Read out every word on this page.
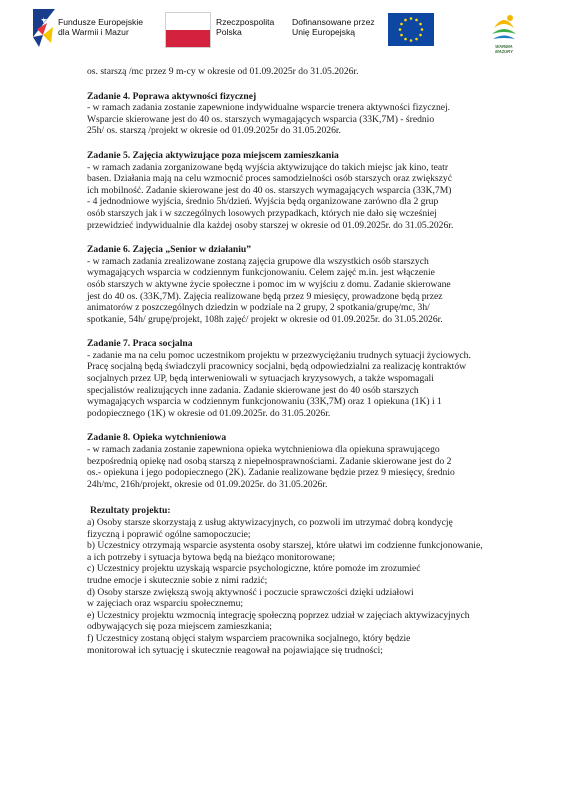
Fundusze Europejskie
dla Warmii i Mazur
Rzeczpospolita
Polska
Dofinansowane przez
Unię Europejską
WARMIA
MAZURY

os. starszą /mc przez 9 m-cy w okresie od 01.09.2025r do 31.05.2026r.

Zadanie 4. Poprawa aktywności fizycznej

- w ramach zadania zostanie zapewnione indywidualne wsparcie trenera aktywności fizycznej.

Wsparcie skierowane jest do 40 os. starszych wymagających wsparcia (33K,7M) - średnio

25h/ os. starszą /projekt w okresie od 01.09.2025r do 31.05.2026r.

Zadanie 5. Zajęcia aktywizujące poza miejscem zamieszkania

- w ramach zadania zorganizowane będą wyjścia aktywizujące do takich miejsc jak kino, teatr

basen. Działania mają na celu wzmocnić proces samodzielności osób starszych oraz zwiększyć

ich mobilność. Zadanie skierowane jest do 40 os. starszych wymagających wsparcia (33K,7M)

- 4 jednodniowe wyjścia, średnio 5h/dzień. Wyjścia będą organizowane zarówno dla 2 grup

osób starszych jak i w szczególnych losowych przypadkach, których nie dało się wcześniej

przewidzieć indywidualnie dla każdej osoby starszej w okresie od 01.09.2025r. do 31.05.2026r.

Zadanie 6. Zajęcia „Senior w działaniu”

- w ramach zadania zrealizowane zostaną zajęcia grupowe dla wszystkich osób starszych

wymagających wsparcia w codziennym funkcjonowaniu. Celem zajęć m.in. jest włączenie

osób starszych w aktywne życie społeczne i pomoc im w wyjściu z domu. Zadanie skierowane

jest do 40 os. (33K,7M). Zajęcia realizowane będą przez 9 miesięcy, prowadzone będą przez

animatorów z poszczególnych dziedzin w podziale na 2 grupy, 2 spotkania/grupę/mc, 3h/

spotkanie, 54h/ grupę/projekt, 108h zajęć/ projekt w okresie od 01.09.2025r. do 31.05.2026r.

Zadanie 7. Praca socjalna

- zadanie ma na celu pomoc uczestnikom projektu w przezwyciężaniu trudnych sytuacji życiowych.

Pracę socjalną będą świadczyli pracownicy socjalni, będą odpowiedzialni za realizację kontraktów

socjalnych przez UP, będą interweniowali w sytuacjach kryzysowych, a także wspomagali

specjalistów realizujących inne zadania. Zadanie skierowane jest do 40 osób starszych

wymagających wsparcia w codziennym funkcjonowaniu (33K,7M) oraz 1 opiekuna (1K) i 1

podopiecznego (1K) w okresie od 01.09.2025r. do 31.05.2026r.

Zadanie 8. Opieka wytchnieniowa

- w ramach zadania zostanie zapewniona opieka wytchnieniowa dla opiekuna sprawującego

bezpośrednią opiekę nad osobą starszą z niepełnosprawnościami. Zadanie skierowane jest do 2

os.- opiekuna i jego podopiecznego (2K). Zadanie realizowane będzie przez 9 miesięcy, średnio

24h/mc, 216h/projekt, okresie od 01.09.2025r. do 31.05.2026r.

Rezultaty projektu:

a) Osoby starsze skorzystają z usług aktywizacyjnych, co pozwoli im utrzymać dobrą kondycję

fizyczną i poprawić ogólne samopoczucie;

b) Uczestnicy otrzymają wsparcie asystenta osoby starszej, które ułatwi im codzienne funkcjonowanie,

a ich potrzeby i sytuacja bytowa będą na bieżąco monitorowane;

c) Uczestnicy projektu uzyskają wsparcie psychologiczne, które pomoże im zrozumieć

trudne emocje i skutecznie sobie z nimi radzić;

d) Osoby starsze zwiększą swoją aktywność i poczucie sprawczości dzięki udziałowi

w zajęciach oraz wsparciu społecznemu;

e) Uczestnicy projektu wzmocnią integrację społeczną poprzez udział w zajęciach aktywizacyjnych

odbywających się poza miejscem zamieszkania;

f) Uczestnicy zostaną objęci stałym wsparciem pracownika socjalnego, który będzie

monitorował ich sytuację i skutecznie reagował na pojawiające się trudności;
